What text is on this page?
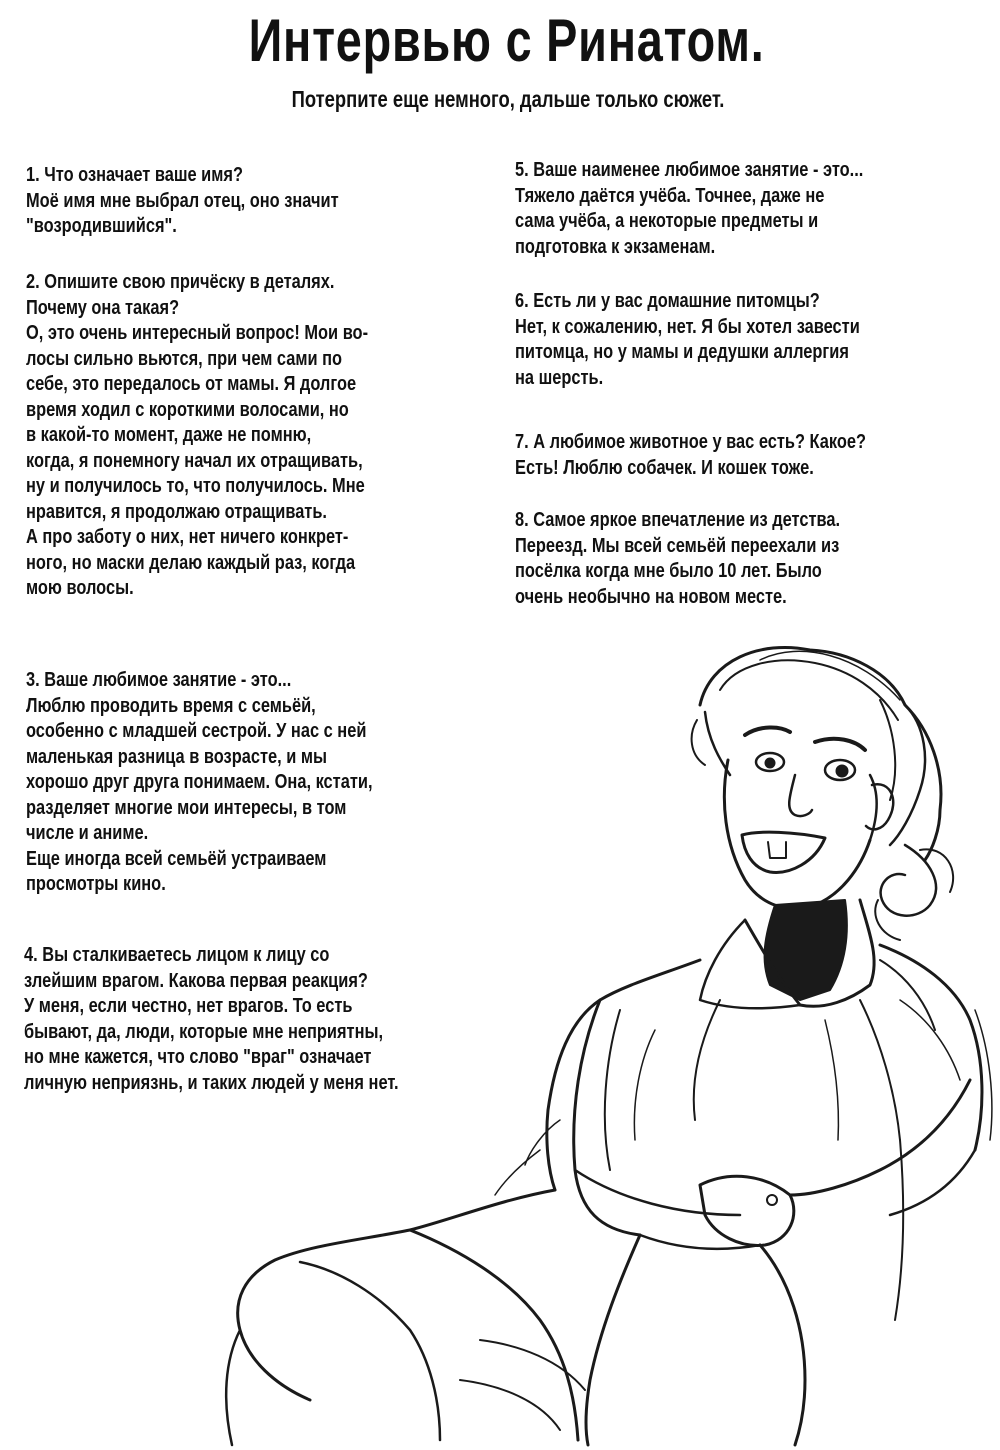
Интервью с Ринатом.
Потерпите еще немного, дальше только сюжет.
1. Что означает ваше имя?
Моё имя мне выбрал отец, оно значит
"возродившийся".
2. Опишите свою причёску в деталях.
Почему она такая?
О, это очень интересный вопрос! Мои во-
лосы сильно вьются, при чем сами по
себе, это передалось от мамы. Я долгое
время ходил с короткими волосами, но
в какой-то момент, даже не помню,
когда, я понемногу начал их отращивать,
ну и получилось то, что получилось. Мне
нравится, я продолжаю отращивать.
А про заботу о них, нет ничего конкрет-
ного, но маски делаю каждый раз, когда
мою волосы.
3. Ваше любимое занятие - это...
Люблю проводить время с семьёй,
особенно с младшей сестрой. У нас с ней
маленькая разница в возрасте, и мы
хорошо друг друга понимаем. Она, кстати,
разделяет многие мои интересы, в том
числе и аниме.
Еще иногда всей семьёй устраиваем
просмотры кино.
4. Вы сталкиваетесь лицом к лицу со
злейшим врагом. Какова первая реакция?
У меня, если честно, нет врагов. То есть
бывают, да, люди, которые мне неприятны,
но мне кажется, что слово "враг" означает
личную неприязнь, и таких людей у меня нет.
5. Ваше наименее любимое занятие - это...
Тяжело даётся учёба. Точнее, даже не
сама учёба, а некоторые предметы и
подготовка к экзаменам.
6. Есть ли у вас домашние питомцы?
Нет, к сожалению, нет. Я бы хотел завести
питомца, но у мамы и дедушки аллергия
на шерсть.
7. А любимое животное у вас есть? Какое?
Есть! Люблю собачек. И кошек тоже.
8. Самое яркое впечатление из детства.
Переезд. Мы всей семьёй переехали из
посёлка когда мне было 10 лет. Было
очень необычно на новом месте.
